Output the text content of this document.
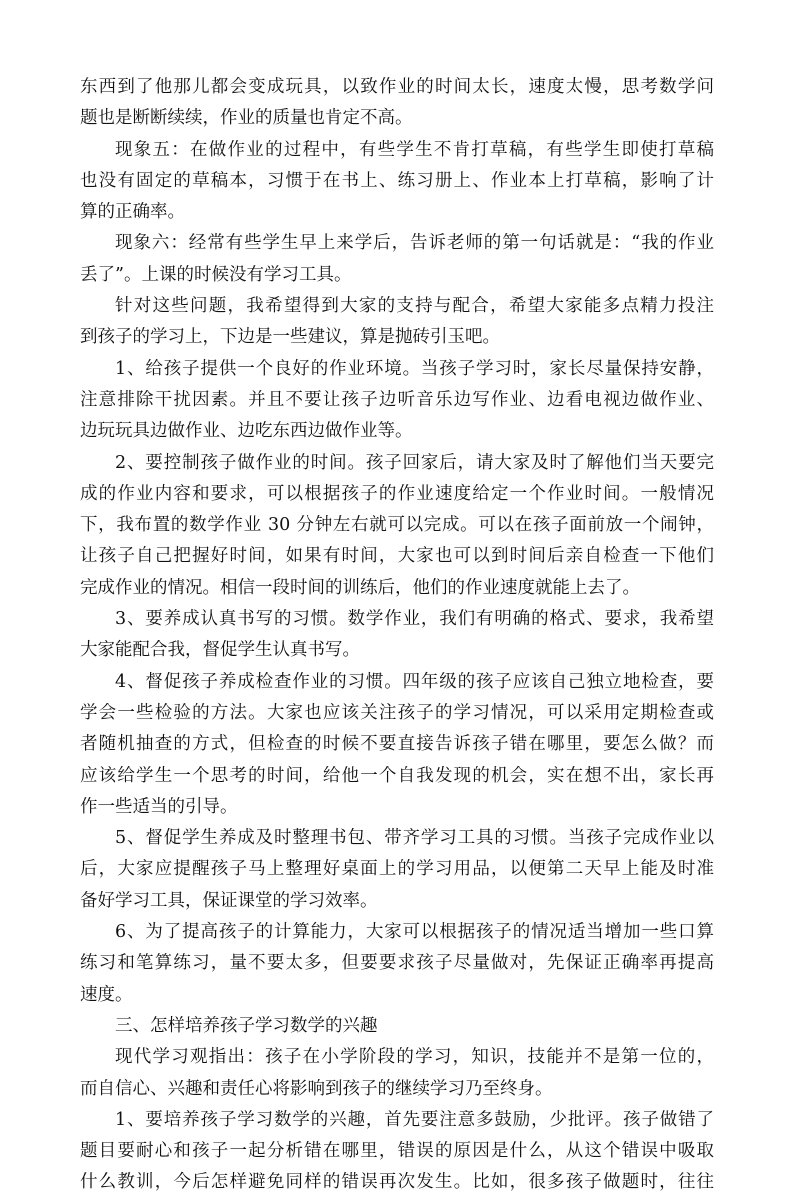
东西到了他那儿都会变成玩具，以致作业的时间太长，速度太慢，思考数学问
题也是断断续续，作业的质量也肯定不高。
现象五：在做作业的过程中，有些学生不肯打草稿，有些学生即使打草稿
也没有固定的草稿本，习惯于在书上、练习册上、作业本上打草稿，影响了计
算的正确率。
现象六：经常有些学生早上来学后，告诉老师的第一句话就是：“我的作业
丢了”。上课的时候没有学习工具。
针对这些问题，我希望得到大家的支持与配合，希望大家能多点精力投注
到孩子的学习上，下边是一些建议，算是抛砖引玉吧。
1、给孩子提供一个良好的作业环境。当孩子学习时，家长尽量保持安静，
注意排除干扰因素。并且不要让孩子边听音乐边写作业、边看电视边做作业、
边玩玩具边做作业、边吃东西边做作业等。
2、要控制孩子做作业的时间。孩子回家后，请大家及时了解他们当天要完
成的作业内容和要求，可以根据孩子的作业速度给定一个作业时间。一般情况
下，我布置的数学作业 30 分钟左右就可以完成。可以在孩子面前放一个闹钟，
让孩子自己把握好时间，如果有时间，大家也可以到时间后亲自检查一下他们
完成作业的情况。相信一段时间的训练后，他们的作业速度就能上去了。
3、要养成认真书写的习惯。数学作业，我们有明确的格式、要求，我希望
大家能配合我，督促学生认真书写。
4、督促孩子养成检查作业的习惯。四年级的孩子应该自己独立地检查，要
学会一些检验的方法。大家也应该关注孩子的学习情况，可以采用定期检查或
者随机抽查的方式，但检查的时候不要直接告诉孩子错在哪里，要怎么做？而
应该给学生一个思考的时间，给他一个自我发现的机会，实在想不出，家长再
作一些适当的引导。
5、督促学生养成及时整理书包、带齐学习工具的习惯。当孩子完成作业以
后，大家应提醒孩子马上整理好桌面上的学习用品，以便第二天早上能及时准
备好学习工具，保证课堂的学习效率。
6、为了提高孩子的计算能力，大家可以根据孩子的情况适当增加一些口算
练习和笔算练习，量不要太多，但要要求孩子尽量做对，先保证正确率再提高
速度。
三、怎样培养孩子学习数学的兴趣
现代学习观指出：孩子在小学阶段的学习，知识，技能并不是第一位的，
而自信心、兴趣和责任心将影响到孩子的继续学习乃至终身。
1、要培养孩子学习数学的兴趣，首先要注意多鼓励，少批评。孩子做错了
题目要耐心和孩子一起分析错在哪里，错误的原因是什么，从这个错误中吸取
什么教训，今后怎样避免同样的错误再次发生。比如，很多孩子做题时，往往
